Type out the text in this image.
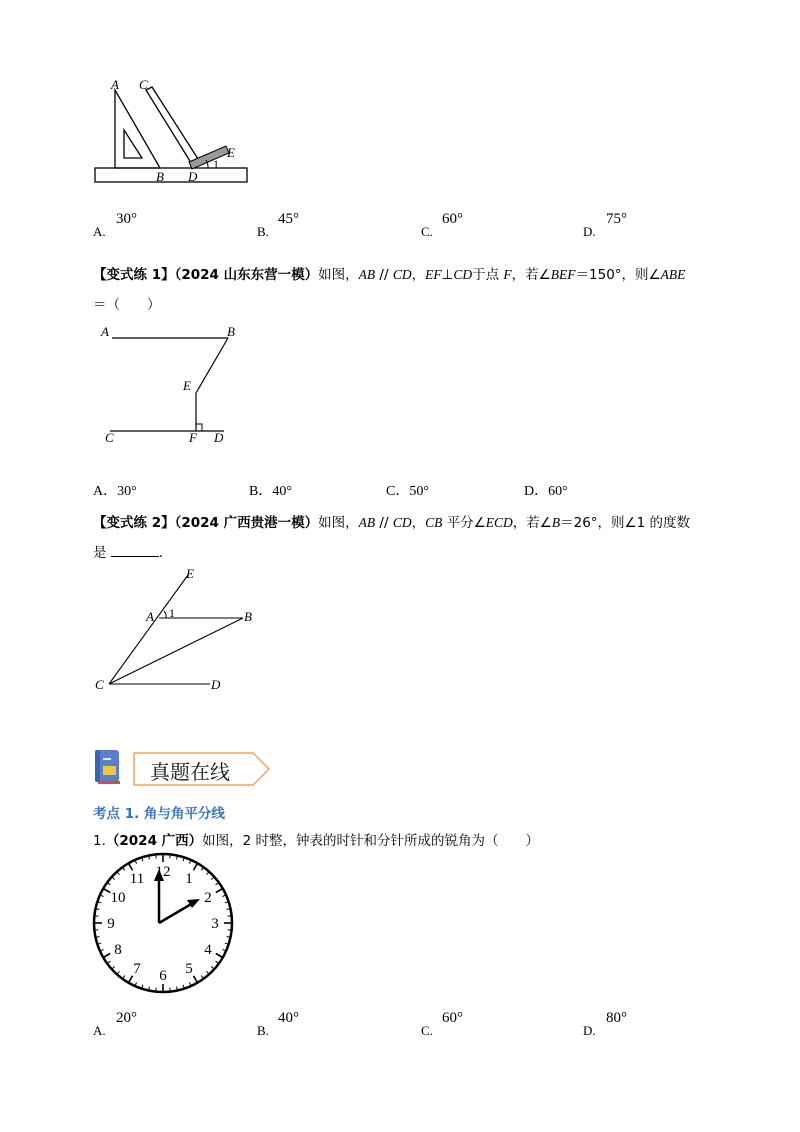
A C
E
B D
1
A.
30°
B.
45°
C.
60°
D.
75°
【变式练 1】（2024 山东东营一模）如图，AB // CD，EF⊥CD于点 F，若∠BEF＝150°，则∠ABE
＝（　　）
A	B
E
C	F D
A．30°	B．40°	C．50°	D．60°
【变式练 2】（2024 广西贵港一模）如图，AB // CD，CB 平分∠ECD，若∠B＝26°，则∠1 的度数
是	.
E
A 1	B
C	D
真题在线
考点 1. 角与角平分线
1.（2024 广西）如图，2 时整，钟表的时针和分针所成的锐角为（　　）
12 1
2
3
4
5
6
7
8
9
10
11
A.
20°
B.
40°
C.
60°
D.
80°
